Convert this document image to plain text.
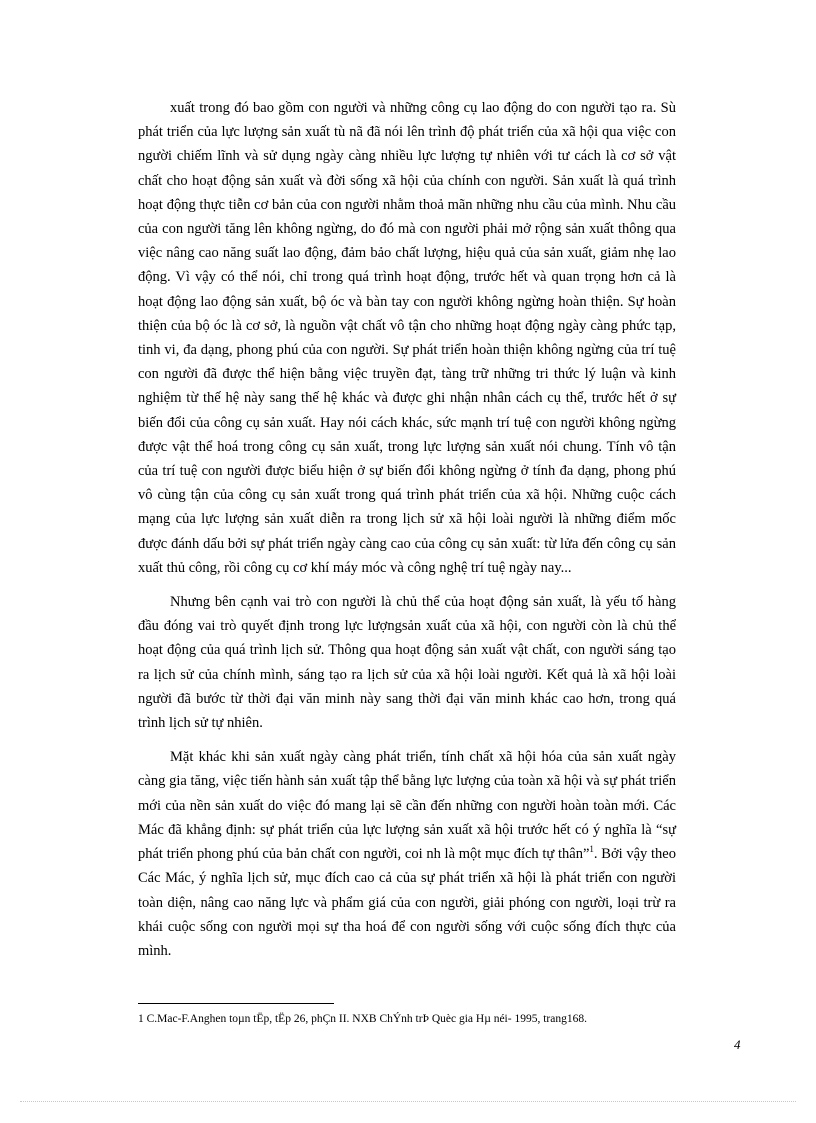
xuất trong đó bao gồm con người và những công cụ lao động do con người tạo ra. Sù phát triển của lực lượng sản xuất tù nã đã nói lên trình độ phát triển của xã hội qua việc con người chiếm lĩnh và sử dụng ngày càng nhiều lực lượng tự nhiên với tư cách là cơ sở vật chất cho hoạt động sản xuất và đời sống xã hội của chính con người. Sản xuất là quá trình hoạt động thực tiễn cơ bản của con người nhằm thoả mãn những nhu cầu của mình. Nhu cầu của con người tăng lên không ngừng, do đó mà con người phải mở rộng sản xuất thông qua việc nâng cao năng suất lao động, đảm bảo chất lượng, hiệu quả của sản xuất, giảm nhẹ lao động. Vì vậy có thể nói, chỉ trong quá trình hoạt động, trước hết và quan trọng hơn cả là hoạt động lao động sản xuất, bộ óc và bàn tay con người không ngừng hoàn thiện. Sự hoàn thiện của bộ óc là cơ sở, là nguồn vật chất vô tận cho những hoạt động ngày càng phức tạp, tinh vi, đa dạng, phong phú của con người. Sự phát triển hoàn thiện không ngừng của trí tuệ con người đã được thể hiện bằng việc truyền đạt, tàng trữ những tri thức lý luận và kinh nghiệm từ thế hệ này sang thế hệ khác và được ghi nhận nhân cách cụ thể, trước hết ở sự biến đổi của công cụ sản xuất. Hay nói cách khác, sức mạnh trí tuệ con người không ngừng được vật thể hoá trong công cụ sản xuất, trong lực lượng sản xuất nói chung. Tính vô tận của trí tuệ con người được biểu hiện ở sự biến đổi không ngừng ở tính đa dạng, phong phú vô cùng tận của công cụ sản xuất trong quá trình phát triển của xã hội. Những cuộc cách mạng của lực lượng sản xuất diễn ra trong lịch sử xã hội loài người là những điểm mốc được đánh dấu bởi sự phát triển ngày càng cao của công cụ sản xuất: từ lửa đến công cụ sản xuất thủ công, rồi công cụ cơ khí máy móc và công nghệ trí tuệ ngày nay...

Nhưng bên cạnh vai trò con người là chủ thể của hoạt động sản xuất, là yếu tố hàng đầu đóng vai trò quyết định trong lực lượngsản xuất của xã hội, con người còn là chủ thể hoạt động của quá trình lịch sử. Thông qua hoạt động sản xuất vật chất, con người sáng tạo ra lịch sử của chính mình, sáng tạo ra lịch sử của xã hội loài người. Kết quả là xã hội loài người đã bước từ thời đại văn minh này sang thời đại văn minh khác cao hơn, trong quá trình lịch sử tự nhiên.

Mặt khác khi sản xuất ngày càng phát triển, tính chất xã hội hóa của sản xuất ngày càng gia tăng, việc tiến hành sản xuất tập thể bằng lực lượng của toàn xã hội và sự phát triển mới của nền sản xuất do việc đó mang lại sẽ cần đến những con người hoàn toàn mới. Các Mác đã khẳng định: sự phát triển của lực lượng sản xuất xã hội trước hết có ý nghĩa là “sự phát triển phong phú của bản chất con người, coi nh là một mục đích tự thân”$^1$. Bởi vậy theo Các Mác, ý nghĩa lịch sử, mục đích cao cả của sự phát triển xã hội là phát triển con người toàn diện, nâng cao năng lực và phẩm giá của con người, giải phóng con người, loại trừ ra khái cuộc sống con người mọi sự tha hoá để con người sống với cuộc sống đích thực của mình.

1 C.Mac-F.Anghen toµn tËp, tËp 26, phÇn II. NXB ChÝnh trÞ Quèc gia Hµ néi- 1995, trang168.
4
